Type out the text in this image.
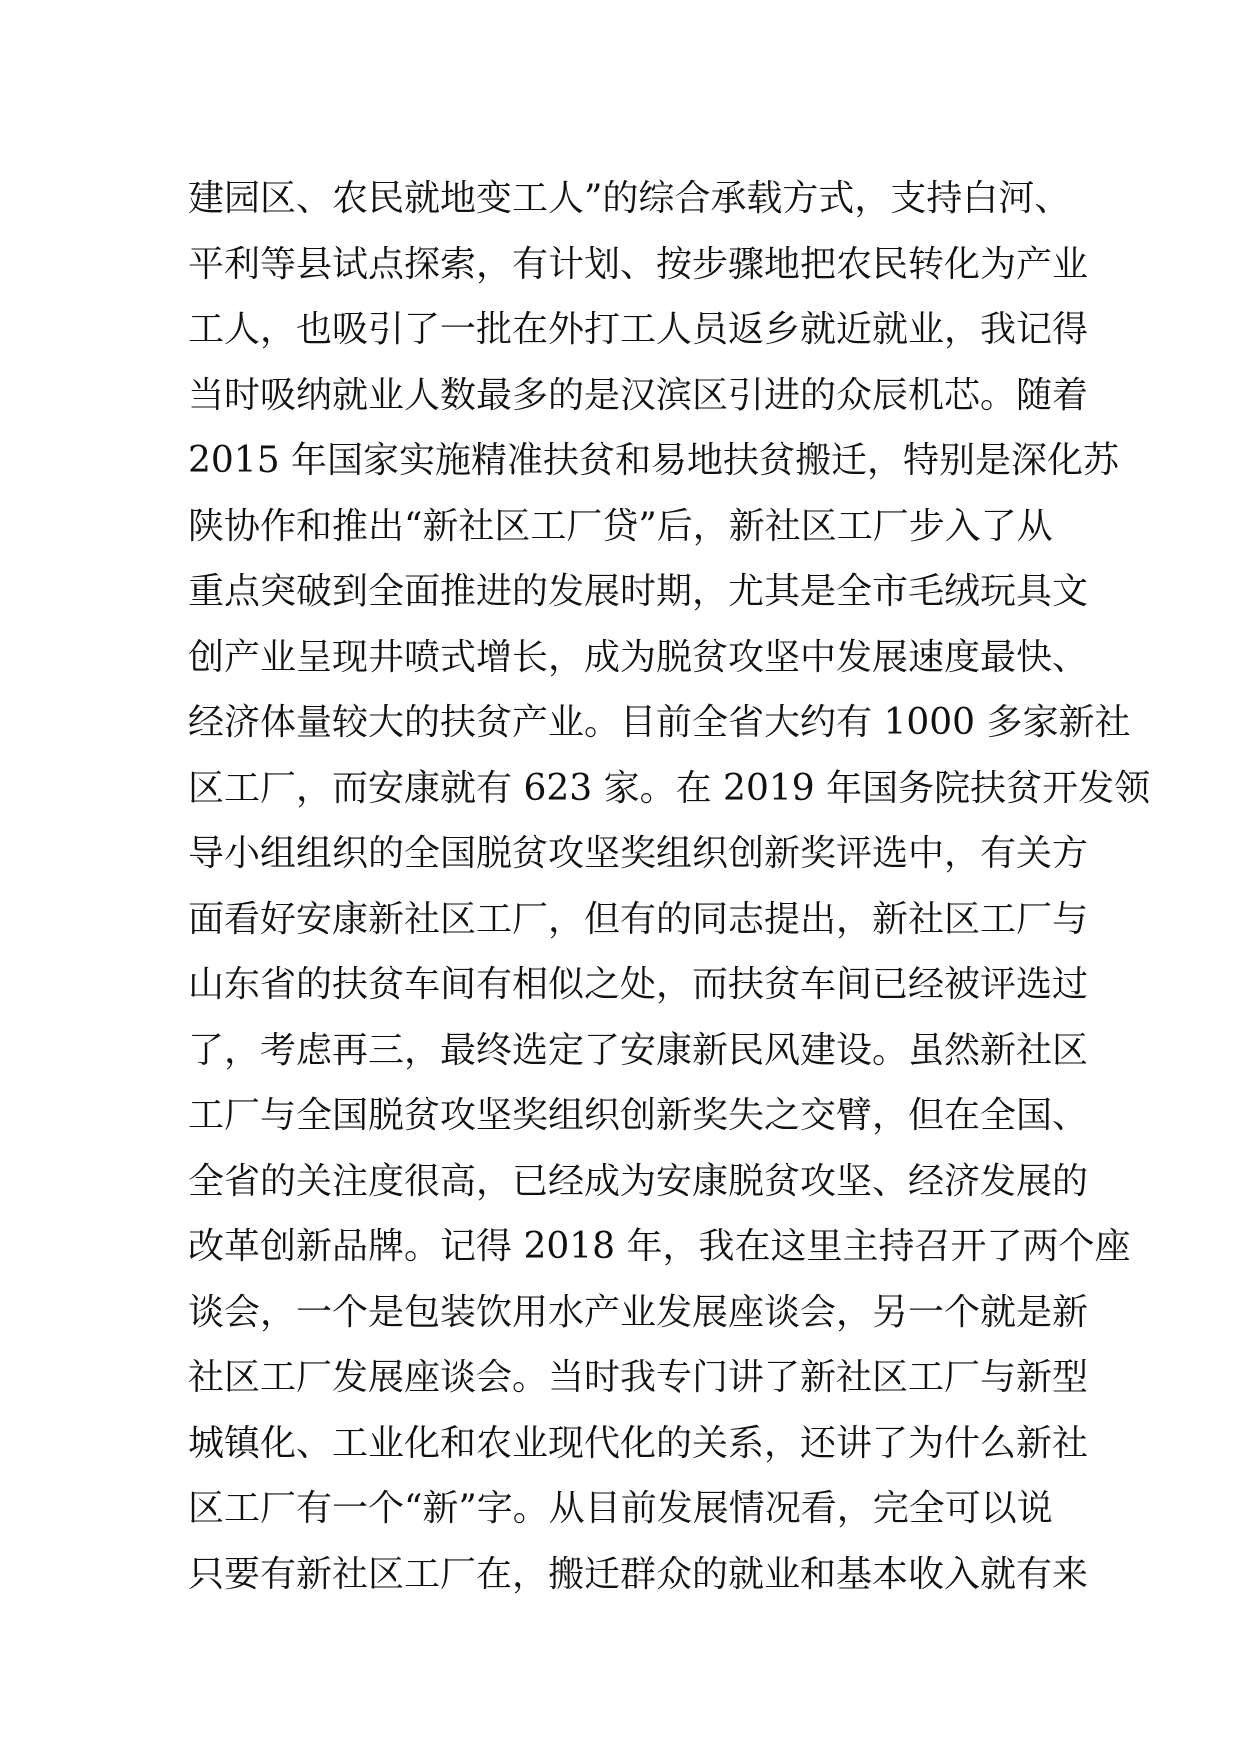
建园区、农民就地变工人”的综合承载方式，支持白河、
平利等县试点探索，有计划、按步骤地把农民转化为产业
工人，也吸引了一批在外打工人员返乡就近就业，我记得
当时吸纳就业人数最多的是汉滨区引进的众辰机芯。随着
2015 年国家实施精准扶贫和易地扶贫搬迁，特别是深化苏
陕协作和推出“新社区工厂贷”后，新社区工厂步入了从
重点突破到全面推进的发展时期，尤其是全市毛绒玩具文
创产业呈现井喷式增长，成为脱贫攻坚中发展速度最快、
经济体量较大的扶贫产业。目前全省大约有 1000 多家新社
区工厂，而安康就有 623 家。在 2019 年国务院扶贫开发领
导小组组织的全国脱贫攻坚奖组织创新奖评选中，有关方
面看好安康新社区工厂，但有的同志提出，新社区工厂与
山东省的扶贫车间有相似之处，而扶贫车间已经被评选过
了，考虑再三，最终选定了安康新民风建设。虽然新社区
工厂与全国脱贫攻坚奖组织创新奖失之交臂，但在全国、
全省的关注度很高，已经成为安康脱贫攻坚、经济发展的
改革创新品牌。记得 2018 年，我在这里主持召开了两个座
谈会，一个是包装饮用水产业发展座谈会，另一个就是新
社区工厂发展座谈会。当时我专门讲了新社区工厂与新型
城镇化、工业化和农业现代化的关系，还讲了为什么新社
区工厂有一个“新”字。从目前发展情况看，完全可以说
只要有新社区工厂在，搬迁群众的就业和基本收入就有来
